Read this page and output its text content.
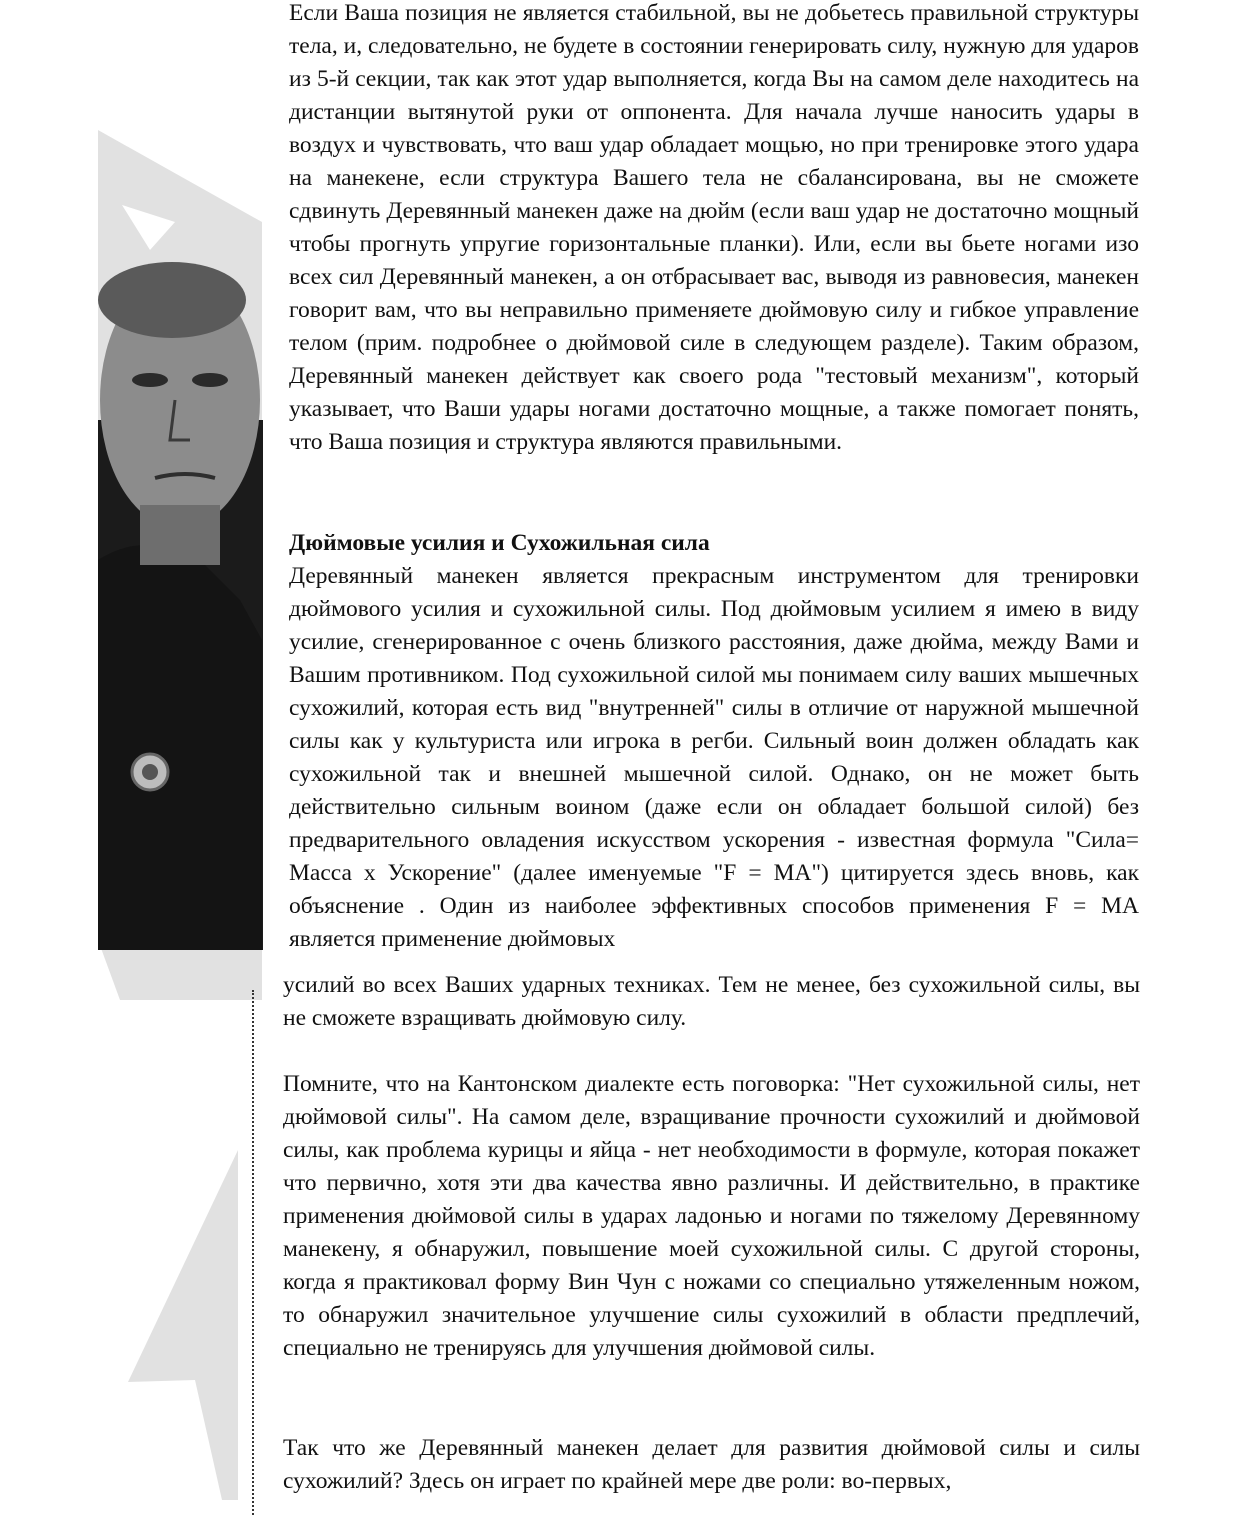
Если Ваша позиция не является стабильной, вы не добьетесь правильной структуры тела, и, следовательно, не будете в состоянии генерировать силу, нужную для ударов из 5-й секции, так как этот удар выполняется, когда Вы на самом деле находитесь на дистанции вытянутой руки от оппонента. Для начала лучше наносить удары в воздух и чувствовать, что ваш удар обладает мощью, но при тренировке этого удара на манекене, если структура Вашего тела не сбалансирована, вы не сможете сдвинуть Деревянный манекен даже на дюйм (если ваш удар не достаточно мощный чтобы прогнуть упругие горизонтальные планки). Или, если вы бьете ногами изо всех сил Деревянный манекен, а он отбрасывает вас, выводя из равновесия, манекен говорит вам, что вы неправильно применяете дюймовую силу и гибкое управление телом (прим. подробнее о дюймовой силе в следующем разделе). Таким образом, Деревянный манекен действует как своего рода "тестовый механизм", который указывает, что Ваши удары ногами достаточно мощные, а также помогает понять, что Ваша позиция и структура являются правильными.

Дюймовые усилия и Сухожильная сила

Деревянный манекен является прекрасным инструментом для тренировки дюймового усилия и сухожильной силы. Под дюймовым усилием я имею в виду усилие, сгенерированное с очень близкого расстояния, даже дюйма, между Вами и Вашим противником. Под сухожильной силой мы понимаем силу ваших мышечных сухожилий, которая есть вид "внутренней" силы в отличие от наружной мышечной силы как у культуриста или игрока в регби. Сильный воин должен обладать как сухожильной так и внешней мышечной силой. Однако, он не может быть действительно сильным воином (даже если он обладает большой силой) без предварительного овладения искусством ускорения - известная формула "Сила= Масса х Ускорение" (далее именуемые "F = MA") цитируется здесь вновь, как объяснение . Один из наиболее эффективных способов применения F = MA является применение дюймовых

усилий во всех Ваших ударных техниках. Тем не менее, без сухожильной силы, вы не сможете взращивать дюймовую силу.

Помните, что на Кантонском диалекте есть поговорка: "Нет сухожильной силы, нет дюймовой силы". На самом деле, взращивание прочности сухожилий и дюймовой силы, как проблема курицы и яйца - нет необходимости в формуле, которая покажет что первично, хотя эти два качества явно различны. И действительно, в практике применения дюймовой силы в ударах ладонью и ногами по тяжелому Деревянному манекену, я обнаружил, повышение моей сухожильной силы. С другой стороны, когда я практиковал форму Вин Чун с ножами со специально утяжеленным ножом, то обнаружил значительное улучшение силы сухожилий в области предплечий, специально не тренируясь для улучшения дюймовой силы.

Так что же Деревянный манекен делает для развития дюймовой силы и силы сухожилий? Здесь он играет по крайней мере две роли: во-первых,
